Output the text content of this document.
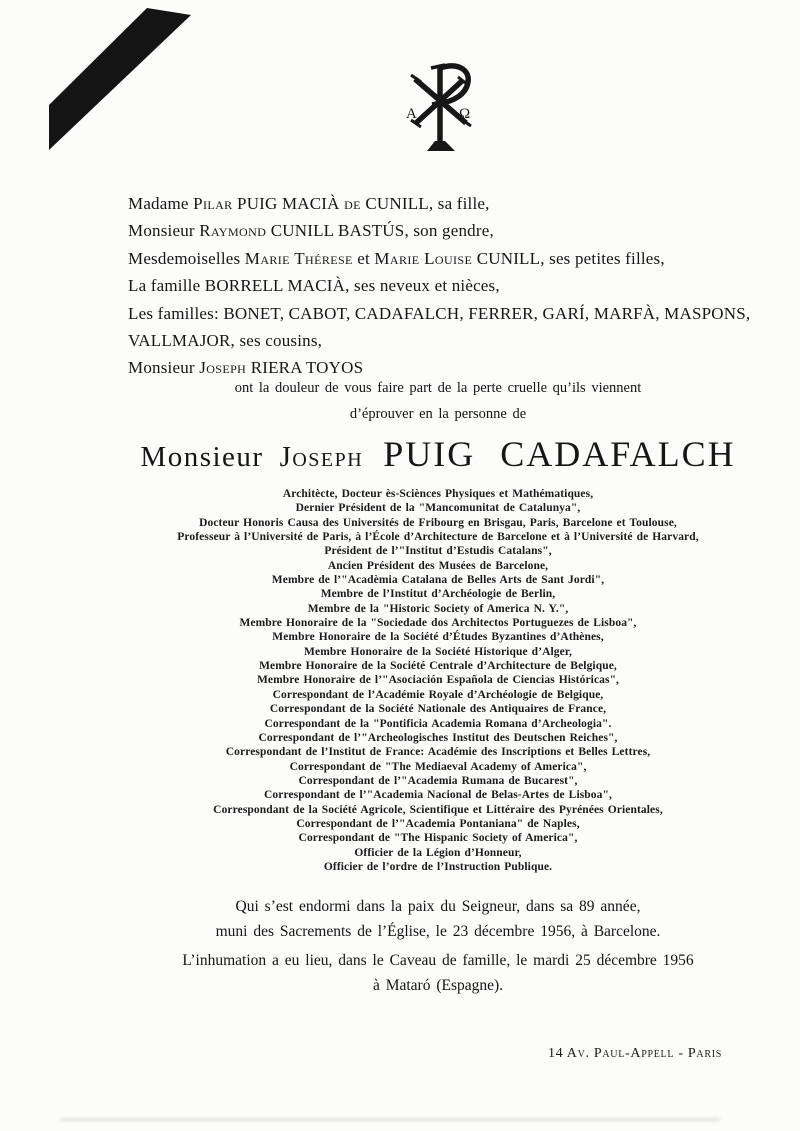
A	Ω
Madame Pilar PUIG MACIÀ de CUNILL, sa fille,
Monsieur Raymond CUNILL BASTÚS, son gendre,
Mesdemoiselles Marie Thérese et Marie Louise CUNILL, ses petites filles,
La famille BORRELL MACIÀ, ses neveux et nièces,
Les familles: BONET, CABOT, CADAFALCH, FERRER, GARÍ, MARFÀ, MASPONS,
VALLMAJOR, ses cousins,
Monsieur Joseph RIERA TOYOS
ont la douleur de vous faire part de la perte cruelle qu’ils viennent
d’éprouver en la personne de
Monsieur Joseph PUIG CADAFALCH
Architècte, Docteur ès-Sciènces Physiques et Mathématiques,
Dernier Président de la "Mancomunitat de Catalunya",
Docteur Honoris Causa des Universités de Fribourg en Brisgau, Paris, Barcelone et Toulouse,
Professeur à l’Université de Paris, à l’École d’Architecture de Barcelone et à l’Université de Harvard,
Président de l’"Institut d’Estudis Catalans",
Ancien Président des Musées de Barcelone,
Membre de l’"Acadèmia Catalana de Belles Arts de Sant Jordi",
Membre de l’Institut d’Archéologie de Berlin,
Membre de la "Historic Society of America N. Y.",
Membre Honoraire de la "Sociedade dos Architectos Portuguezes de Lisboa",
Membre Honoraire de la Société d’Études Byzantines d’Athènes,
Membre Honoraire de la Société Historique d’Alger,
Membre Honoraire de la Société Centrale d’Architecture de Belgique,
Membre Honoraire de l’"Asociación Española de Ciencias Históricas",
Correspondant de l’Académie Royale d’Archéologie de Belgique,
Correspondant de la Société Nationale des Antiquaires de France,
Correspondant de la "Pontificia Academia Romana d’Archeologia".
Correspondant de l’"Archeologisches Institut des Deutschen Reiches",
Correspondant de l’Institut de France: Académie des Inscriptions et Belles Lettres,
Correspondant de "The Mediaeval Academy of America",
Correspondant de l’"Academia Rumana de Bucarest",
Correspondant de l’"Academia Nacional de Belas-Artes de Lisboa",
Correspondant de la Société Agricole, Scientifique et Littéraire des Pyrénées Orientales,
Correspondant de l’"Academia Pontaniana" de Naples,
Correspondant de "The Hispanic Society of America",
Officier de la Légion d’Honneur,
Officier de l’ordre de l’Instruction Publique.
Qui s’est endormi dans la paix du Seigneur, dans sa 89 année,
muni des Sacrements de l’Église, le 23 décembre 1956, à Barcelone.
L’inhumation a eu lieu, dans le Caveau de famille, le mardi 25 décembre 1956
à Mataró (Espagne).
14 Av. Paul-Appell - Paris
